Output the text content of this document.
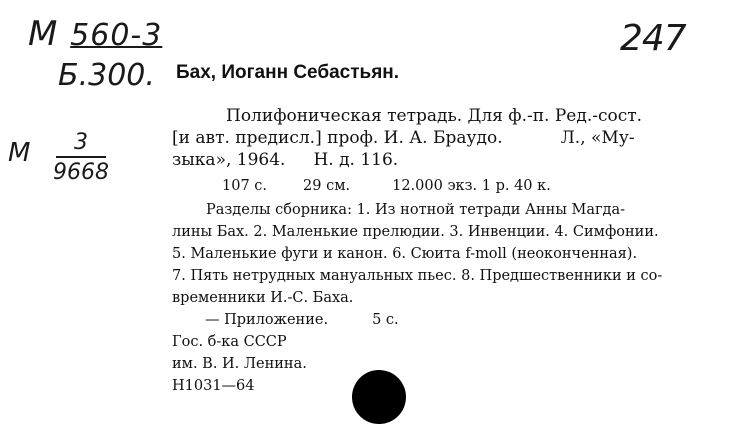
М 560-3
Б.300.
М $\frac{3}{9668}$
247
Бах, Иоганн Себастьян.
Полифоническая тетрадь. Для ф.-п. Ред.-сост.
[и авт. предисл.] проф. И. А. Браудо.	Л., «Му-
зыка», 1964. Н. д. 116.
107 с. 29 см.	12.000 экз. 1 р. 40 к.
Разделы сборника: 1. Из нотной тетради Анны Магда-
лины Бах. 2. Маленькие прелюдии. 3. Инвенции. 4. Симфонии.
5. Маленькие фуги и канон. 6. Сюита f-moll (неоконченная).
7. Пять нетрудных мануальных пьес. 8. Предшественники и со-
временники И.-С. Баха.
— Приложение.	5 с.
Гос. б-ка СССР
им. В. И. Ленина.
Н1031—64
